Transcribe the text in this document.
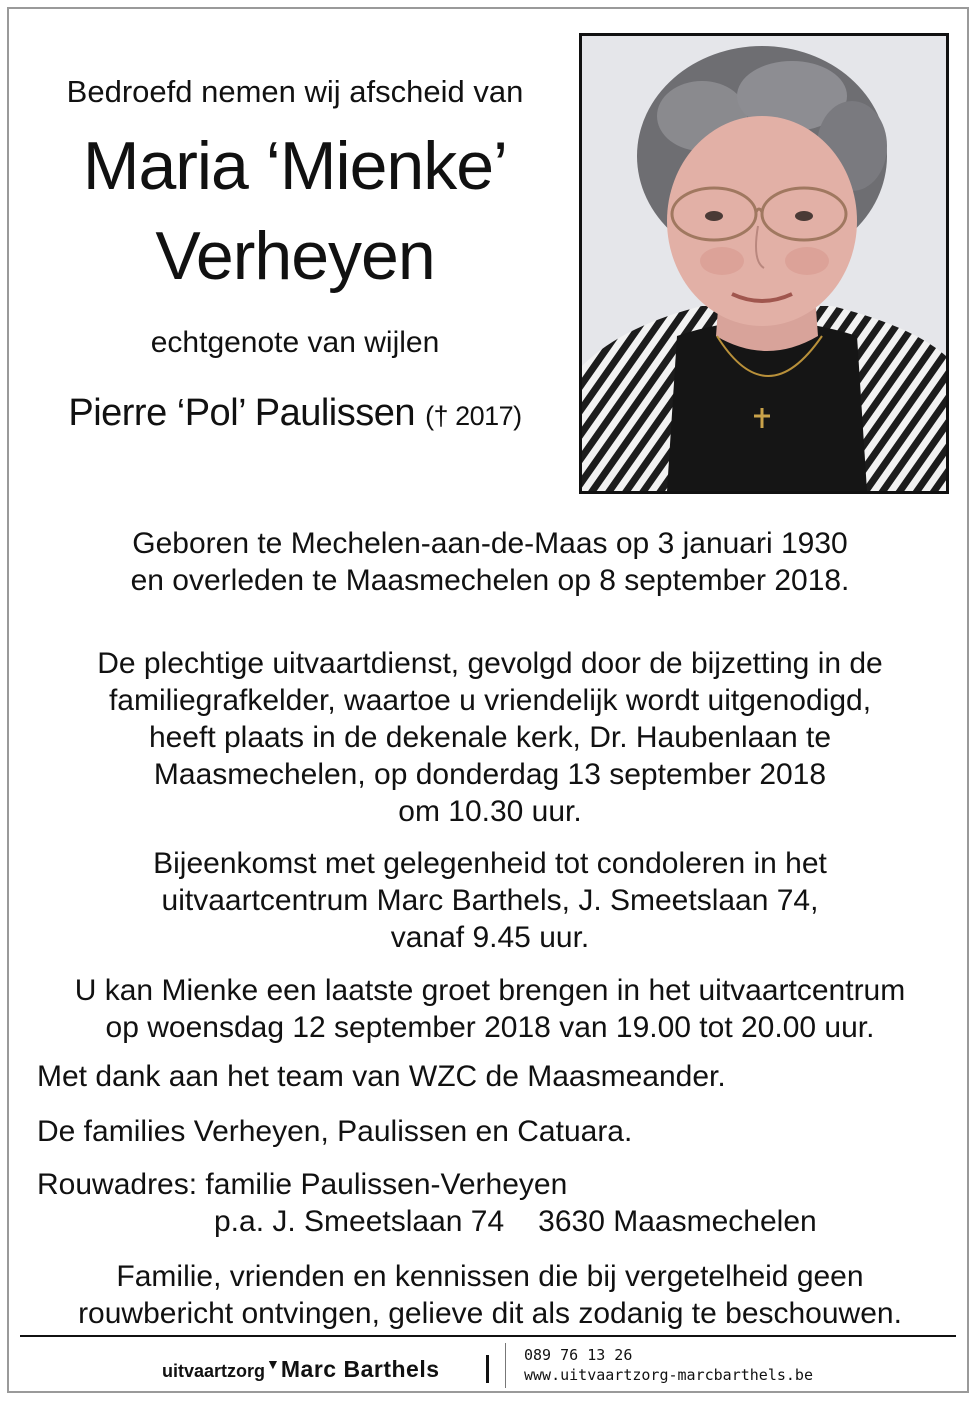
Bedroefd nemen wij afscheid van
Maria ‘Mienke’
Verheyen
echtgenote van wijlen
Pierre ‘Pol’ Paulissen († 2017)
Geboren te Mechelen-aan-de-Maas op 3 januari 1930
en overleden te Maasmechelen op 8 september 2018.
De plechtige uitvaartdienst, gevolgd door de bijzetting in de
familiegrafkelder, waartoe u vriendelijk wordt uitgenodigd,
heeft plaats in de dekenale kerk, Dr. Haubenlaan te
Maasmechelen, op donderdag 13 september 2018
om 10.30 uur.
Bijeenkomst met gelegenheid tot condoleren in het
uitvaartcentrum Marc Barthels, J. Smeetslaan 74,
vanaf 9.45 uur.
U kan Mienke een laatste groet brengen in het uitvaartcentrum
op woensdag 12 september 2018 van 19.00 tot 20.00 uur.
Met dank aan het team van WZC de Maasmeander.
De families Verheyen, Paulissen en Catuara.
Rouwadres: familie Paulissen-Verheyen
p.a. J. Smeetslaan 74 3630 Maasmechelen
Familie, vrienden en kennissen die bij vergetelheid geen
rouwbericht ontvingen, gelieve dit als zodanig te beschouwen.
uitvaartzorg▼Marc Barthels
089 76 13 26
www.uitvaartzorg-marcbarthels.be
